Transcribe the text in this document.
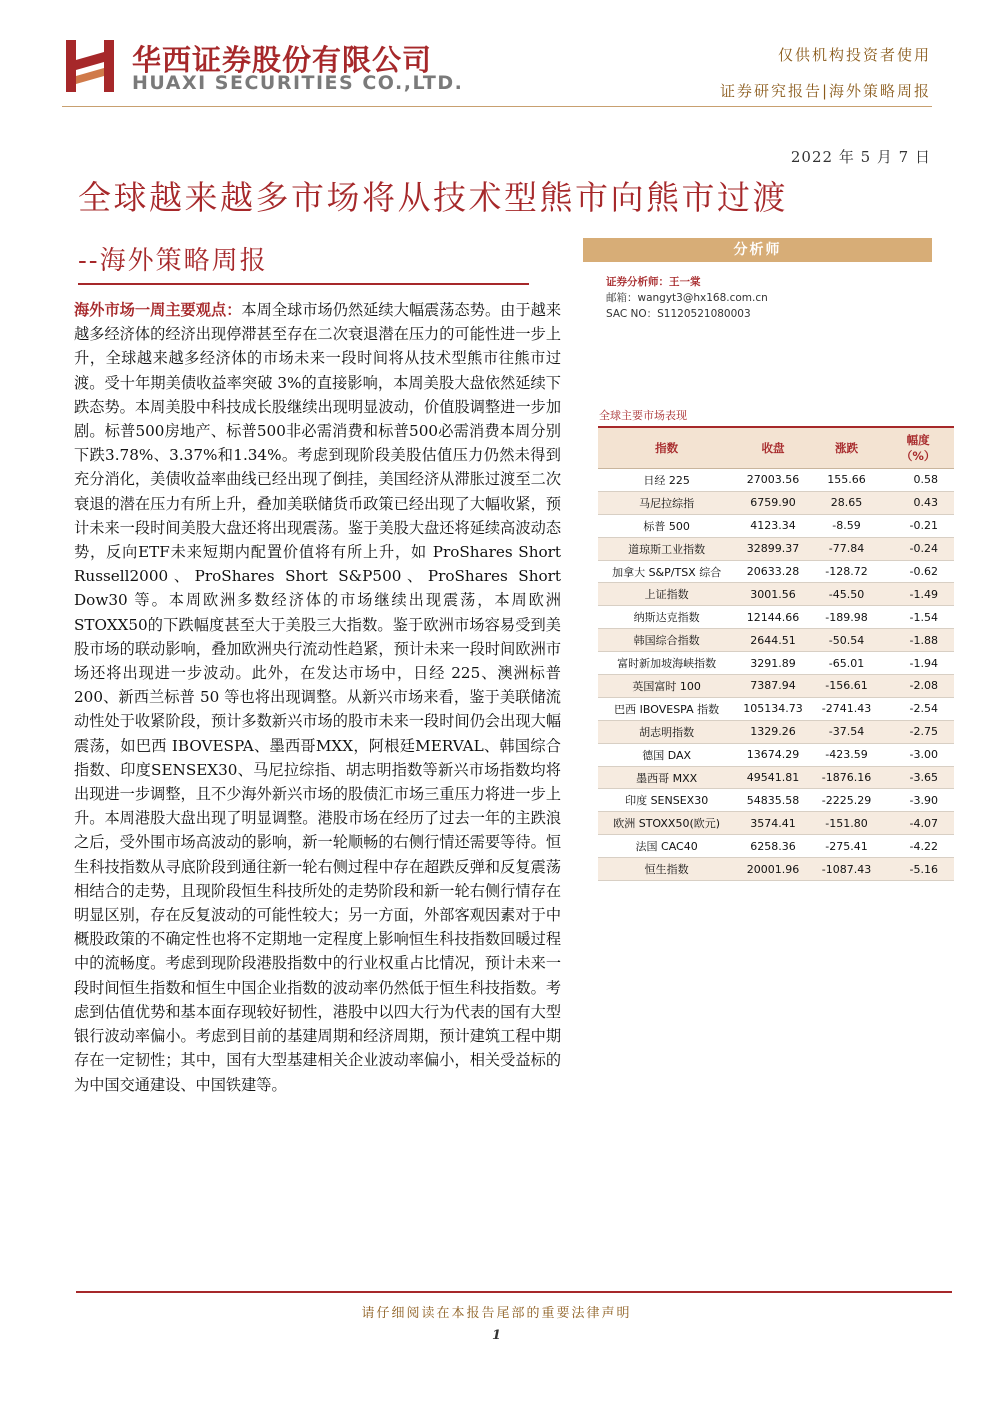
华西证券股份有限公司
HUAXI SECURITIES CO.,LTD.
仅供机构投资者使用
证券研究报告|海外策略周报
2022 年 5 月 7 日
全球越来越多市场将从技术型熊市向熊市过渡
--海外策略周报
海外市场一周主要观点：本周全球市场仍然延续大幅震荡态势。由于越来越多经济体的经济出现停滞甚至存在二次衰退潜在压力的可能性进一步上升，全球越来越多经济体的市场未来一段时间将从技术型熊市往熊市过渡。受十年期美债收益率突破 3%的直接影响，本周美股大盘依然延续下跌态势。本周美股中科技成长股继续出现明显波动，价值股调整进一步加剧。标普500房地产、标普500非必需消费和标普500必需消费本周分别下跌3.78%、3.37%和1.34%。考虑到现阶段美股估值压力仍然未得到充分消化，美债收益率曲线已经出现了倒挂，美国经济从滞胀过渡至二次衰退的潜在压力有所上升，叠加美联储货币政策已经出现了大幅收紧，预计未来一段时间美股大盘还将出现震荡。鉴于美股大盘还将延续高波动态势，反向ETF未来短期内配置价值将有所上升，如 ProShares Short Russell2000、ProShares Short S&P500、ProShares Short Dow30 等。本周欧洲多数经济体的市场继续出现震荡，本周欧洲STOXX50的下跌幅度甚至大于美股三大指数。鉴于欧洲市场容易受到美股市场的联动影响，叠加欧洲央行流动性趋紧，预计未来一段时间欧洲市场还将出现进一步波动。此外，在发达市场中，日经 225、澳洲标普 200、新西兰标普 50 等也将出现调整。从新兴市场来看，鉴于美联储流动性处于收紧阶段，预计多数新兴市场的股市未来一段时间仍会出现大幅震荡，如巴西 IBOVESPA、墨西哥MXX，阿根廷MERVAL、韩国综合指数、印度SENSEX30、马尼拉综指、胡志明指数等新兴市场指数均将出现进一步调整，且不少海外新兴市场的股债汇市场三重压力将进一步上升。本周港股大盘出现了明显调整。港股市场在经历了过去一年的主跌浪之后，受外围市场高波动的影响，新一轮顺畅的右侧行情还需要等待。恒生科技指数从寻底阶段到通往新一轮右侧过程中存在超跌反弹和反复震荡相结合的走势，且现阶段恒生科技所处的走势阶段和新一轮右侧行情存在明显区别，存在反复波动的可能性较大；另一方面，外部客观因素对于中概股政策的不确定性也将不定期地一定程度上影响恒生科技指数回暖过程中的流畅度。考虑到现阶段港股指数中的行业权重占比情况，预计未来一段时间恒生指数和恒生中国企业指数的波动率仍然低于恒生科技指数。考虑到估值优势和基本面存现较好韧性，港股中以四大行为代表的国有大型银行波动率偏小。考虑到目前的基建周期和经济周期，预计建筑工程中期存在一定韧性；其中，国有大型基建相关企业波动率偏小，相关受益标的为中国交通建设、中国铁建等。
分析师
证券分析师：王一棠
邮箱：wangyt3@hx168.com.cn
SAC NO：S1120521080003
全球主要市场表现
指数	收盘	涨跌	幅度
（%）
日经 225	27003.56	155.66	0.58
马尼拉综指	6759.90	28.65	0.43
标普 500	4123.34	-8.59	-0.21
道琼斯工业指数	32899.37	-77.84	-0.24
加拿大 S&P/TSX 综合	20633.28	-128.72	-0.62
上证指数	3001.56	-45.50	-1.49
纳斯达克指数	12144.66	-189.98	-1.54
韩国综合指数	2644.51	-50.54	-1.88
富时新加坡海峡指数	3291.89	-65.01	-1.94
英国富时 100	7387.94	-156.61	-2.08
巴西 IBOVESPA 指数	105134.73	-2741.43	-2.54
胡志明指数	1329.26	-37.54	-2.75
德国 DAX	13674.29	-423.59	-3.00
墨西哥 MXX	49541.81	-1876.16	-3.65
印度 SENSEX30	54835.58	-2225.29	-3.90
欧洲 STOXX50(欧元)	3574.41	-151.80	-4.07
法国 CAC40	6258.36	-275.41	-4.22
恒生指数	20001.96	-1087.43	-5.16
请仔细阅读在本报告尾部的重要法律声明
1
